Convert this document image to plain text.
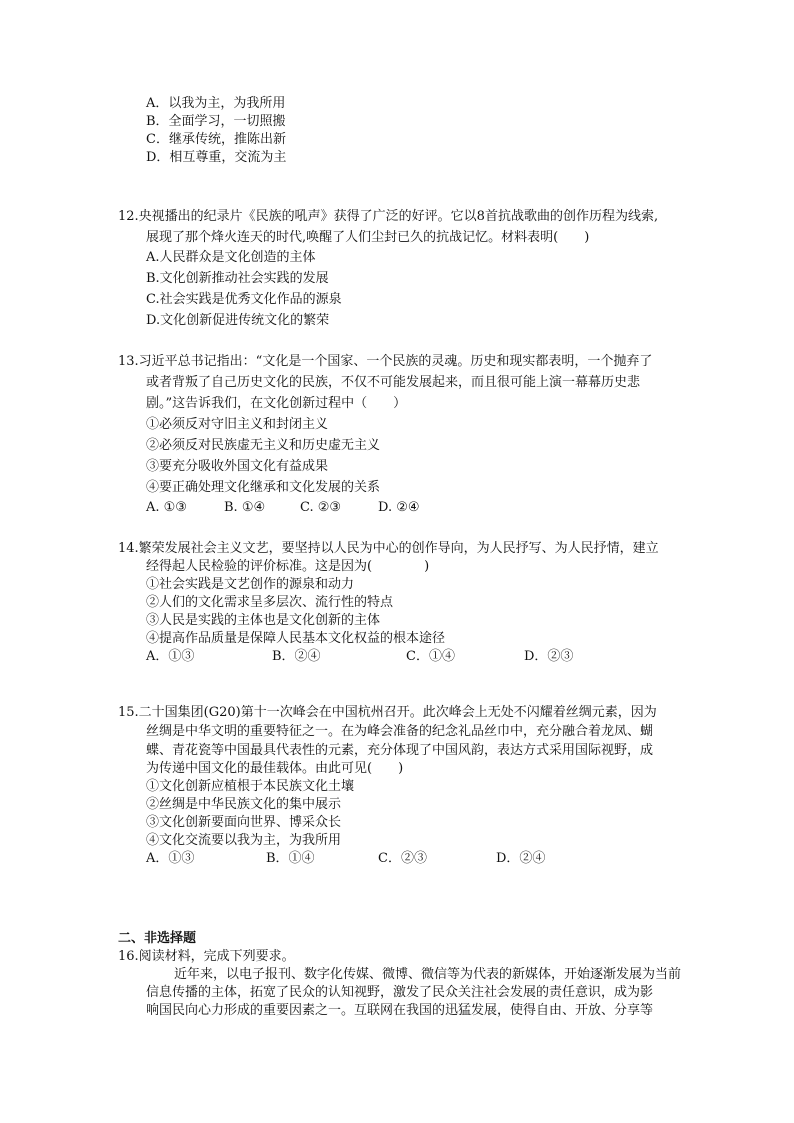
A．以我为主，为我所用
B．全面学习，一切照搬
C．继承传统，推陈出新
D．相互尊重，交流为主
12.央视播出的纪录片《民族的吼声》获得了广泛的好评。它以8首抗战歌曲的创作历程为线索,
展现了那个烽火连天的时代,唤醒了人们尘封已久的抗战记忆。材料表明(　　)
A.人民群众是文化创造的主体
B.文化创新推动社会实践的发展
C.社会实践是优秀文化作品的源泉
D.文化创新促进传统文化的繁荣
13.习近平总书记指出：“文化是一个国家、一个民族的灵魂。历史和现实都表明，一个抛弃了
或者背叛了自己历史文化的民族，不仅不可能发展起来，而且很可能上演一幕幕历史悲
剧。”这告诉我们，在文化创新过程中（　　）
①必须反对守旧主义和封闭主义
②必须反对民族虚无主义和历史虚无主义
③要充分吸收外国文化有益成果
④要正确处理文化继承和文化发展的关系
A. ①③	B. ①④	C. ②③	D. ②④
14.繁荣发展社会主义文艺，要坚持以人民为中心的创作导向，为人民抒写、为人民抒情，建立
经得起人民检验的评价标准。这是因为(　　　　)
①社会实践是文艺创作的源泉和动力
②人们的文化需求呈多层次、流行性的特点
③人民是实践的主体也是文化创新的主体
④提高作品质量是保障人民基本文化权益的根本途径
A．①③	B．②④	C．①④	D．②③
15.二十国集团(G20)第十一次峰会在中国杭州召开。此次峰会上无处不闪耀着丝绸元素，因为
丝绸是中华文明的重要特征之一。在为峰会准备的纪念礼品丝巾中，充分融合着龙凤、蝴
蝶、青花瓷等中国最具代表性的元素，充分体现了中国风韵，表达方式采用国际视野，成
为传递中国文化的最佳载体。由此可见(　　)
①文化创新应植根于本民族文化土壤
②丝绸是中华民族文化的集中展示
③文化创新要面向世界、博采众长
④文化交流要以我为主，为我所用
A．①③	B．①④	C．②③	D．②④
二、非选择题
16.阅读材料，完成下列要求。
近年来，以电子报刊、数字化传媒、微博、微信等为代表的新媒体，开始逐渐发展为当前
信息传播的主体，拓宽了民众的认知视野，激发了民众关注社会发展的责任意识，成为影
响国民向心力形成的重要因素之一。互联网在我国的迅猛发展，使得自由、开放、分享等
